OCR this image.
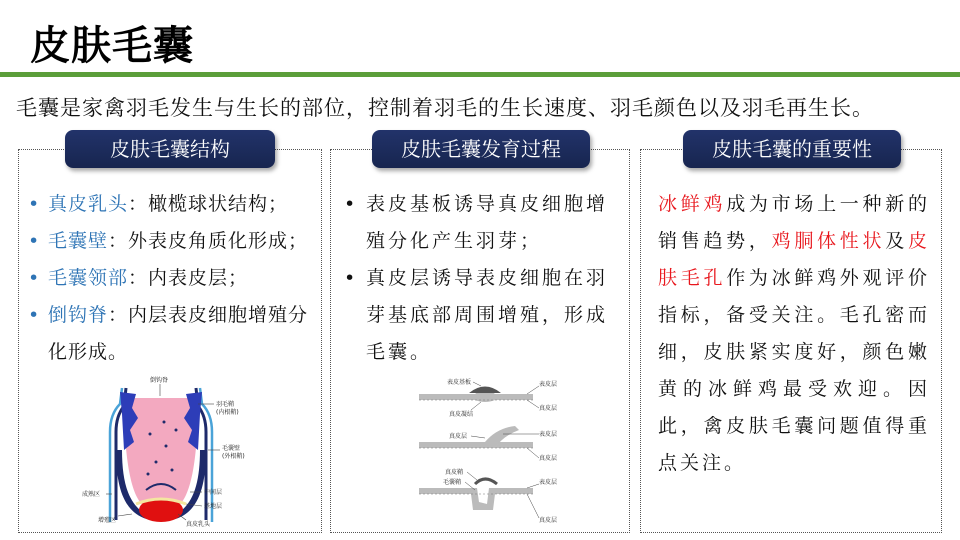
皮肤毛囊
毛囊是家禽羽毛发生与生长的部位，控制着羽毛的生长速度、羽毛颜色以及羽毛再生长。
皮肤毛囊结构	皮肤毛囊发育过程	皮肤毛囊的重要性
• 真皮乳头：橄榄球状结构；
• 毛囊壁：外表皮角质化形成；
• 毛囊领部：内表皮层；
• 倒钩脊：内层表皮细胞增殖分化形成。
倒钩脊
羽毛鞘
(内根鞘)
毛囊壁
(外根鞘)
中间层
基地层
真皮乳头
成熟区
增殖区
• 表皮基板诱导真皮细胞增殖分化产生羽芽；
• 真皮层诱导表皮细胞在羽芽基底部周围增殖，形成毛囊。
表皮基板
真皮凝结
表皮层
真皮层
真皮层	表皮层
真皮层
真皮鞘
毛囊鞘	表皮层
真皮层
冰鲜鸡成为市场上一种新的销售趋势，鸡胴体性状及皮肤毛孔作为冰鲜鸡外观评价指标，备受关注。毛孔密而细，皮肤紧实度好，颜色嫩黄的冰鲜鸡最受欢迎。因此，禽皮肤毛囊问题值得重点关注。
